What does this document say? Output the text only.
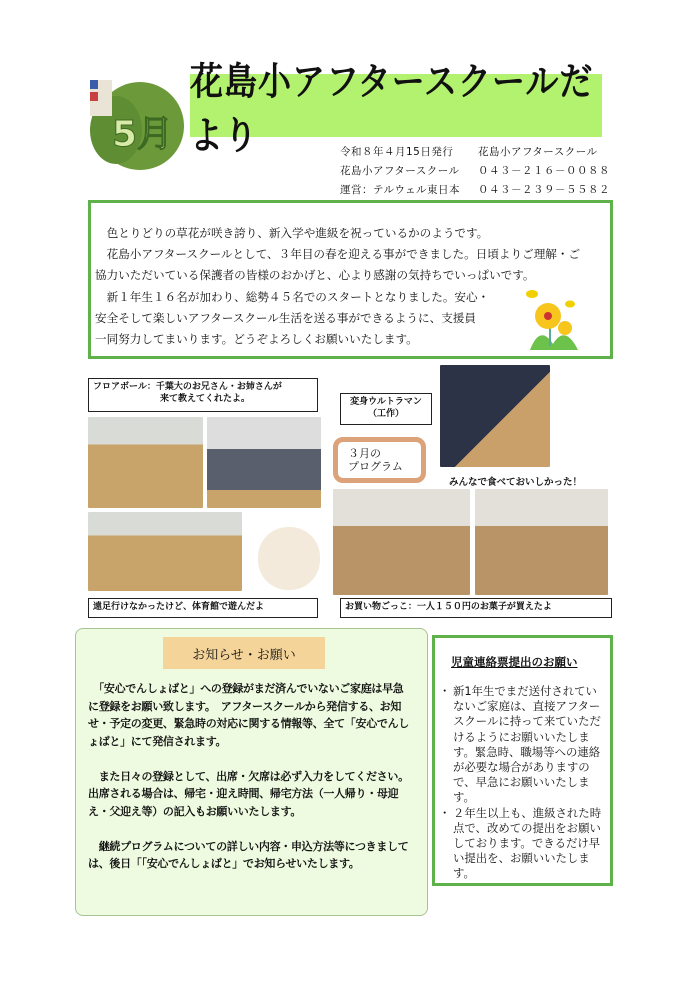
5月
花島小アフタースクールだより	令和８年４月15日発行 花島小アフタースクール
花島小アフタースクール ０４３－２１６－００８８
運営：テルウェル東日本 ０４３－２３９－５５８２

　色とりどりの草花が咲き誇り、新入学や進級を祝っているかのようです。

　花島小アフタースクールとして、３年目の春を迎える事ができました。日頃よりご理解・ご

協力いただいている保護者の皆様のおかげと、心より感謝の気持ちでいっぱいです。

　新１年生１６名が加わり、総勢４５名でのスタートとなりました。安心・

安全そして楽しいアフタースクール生活を送る事ができるように、支援員

一同努力してまいります。どうぞよろしくお願いいたします。

フロアボール：千葉大のお兄さん・お姉さんが
来て教えてくれたよ。	変身ウルトラマン
（工作）
３月の
プログラム
みんなで食べておいしかった！
遠足行けなかったけど、体育館で遊んだよ	お買い物ごっこ：一人１５０円のお菓子が買えたよ
お知らせ・お願い

　「安心でんしょばと」への登録がまだ済んでいないご家庭は早急に登録をお願い致します。　アフタースクールから発信する、お知せ・予定の変更、緊急時の対応に関する情報等、全て「安心でんしょばと」にて発信されます。

　また日々の登録として、出席・欠席は必ず入力をしてください。出席される場合は、帰宅・迎え時間、帰宅方法（一人帰り・母迎え・父迎え等）の記入もお願いいたします。

　継続プログラムについての詳しい内容・申込方法等につきましては、後日「「安心でんしょばと」でお知らせいたします。

児童連絡票提出のお願い
・ 新1年生でまだ送付されていないご家庭は、直接アフタースクールに持って来ていただけるようにお願いいたします。緊急時、職場等への連絡が必要な場合がありますので、早急にお願いいたします。
・ ２年生以上も、進級された時点で、改めての提出をお願いしております。できるだけ早い提出を、お願いいたします。
